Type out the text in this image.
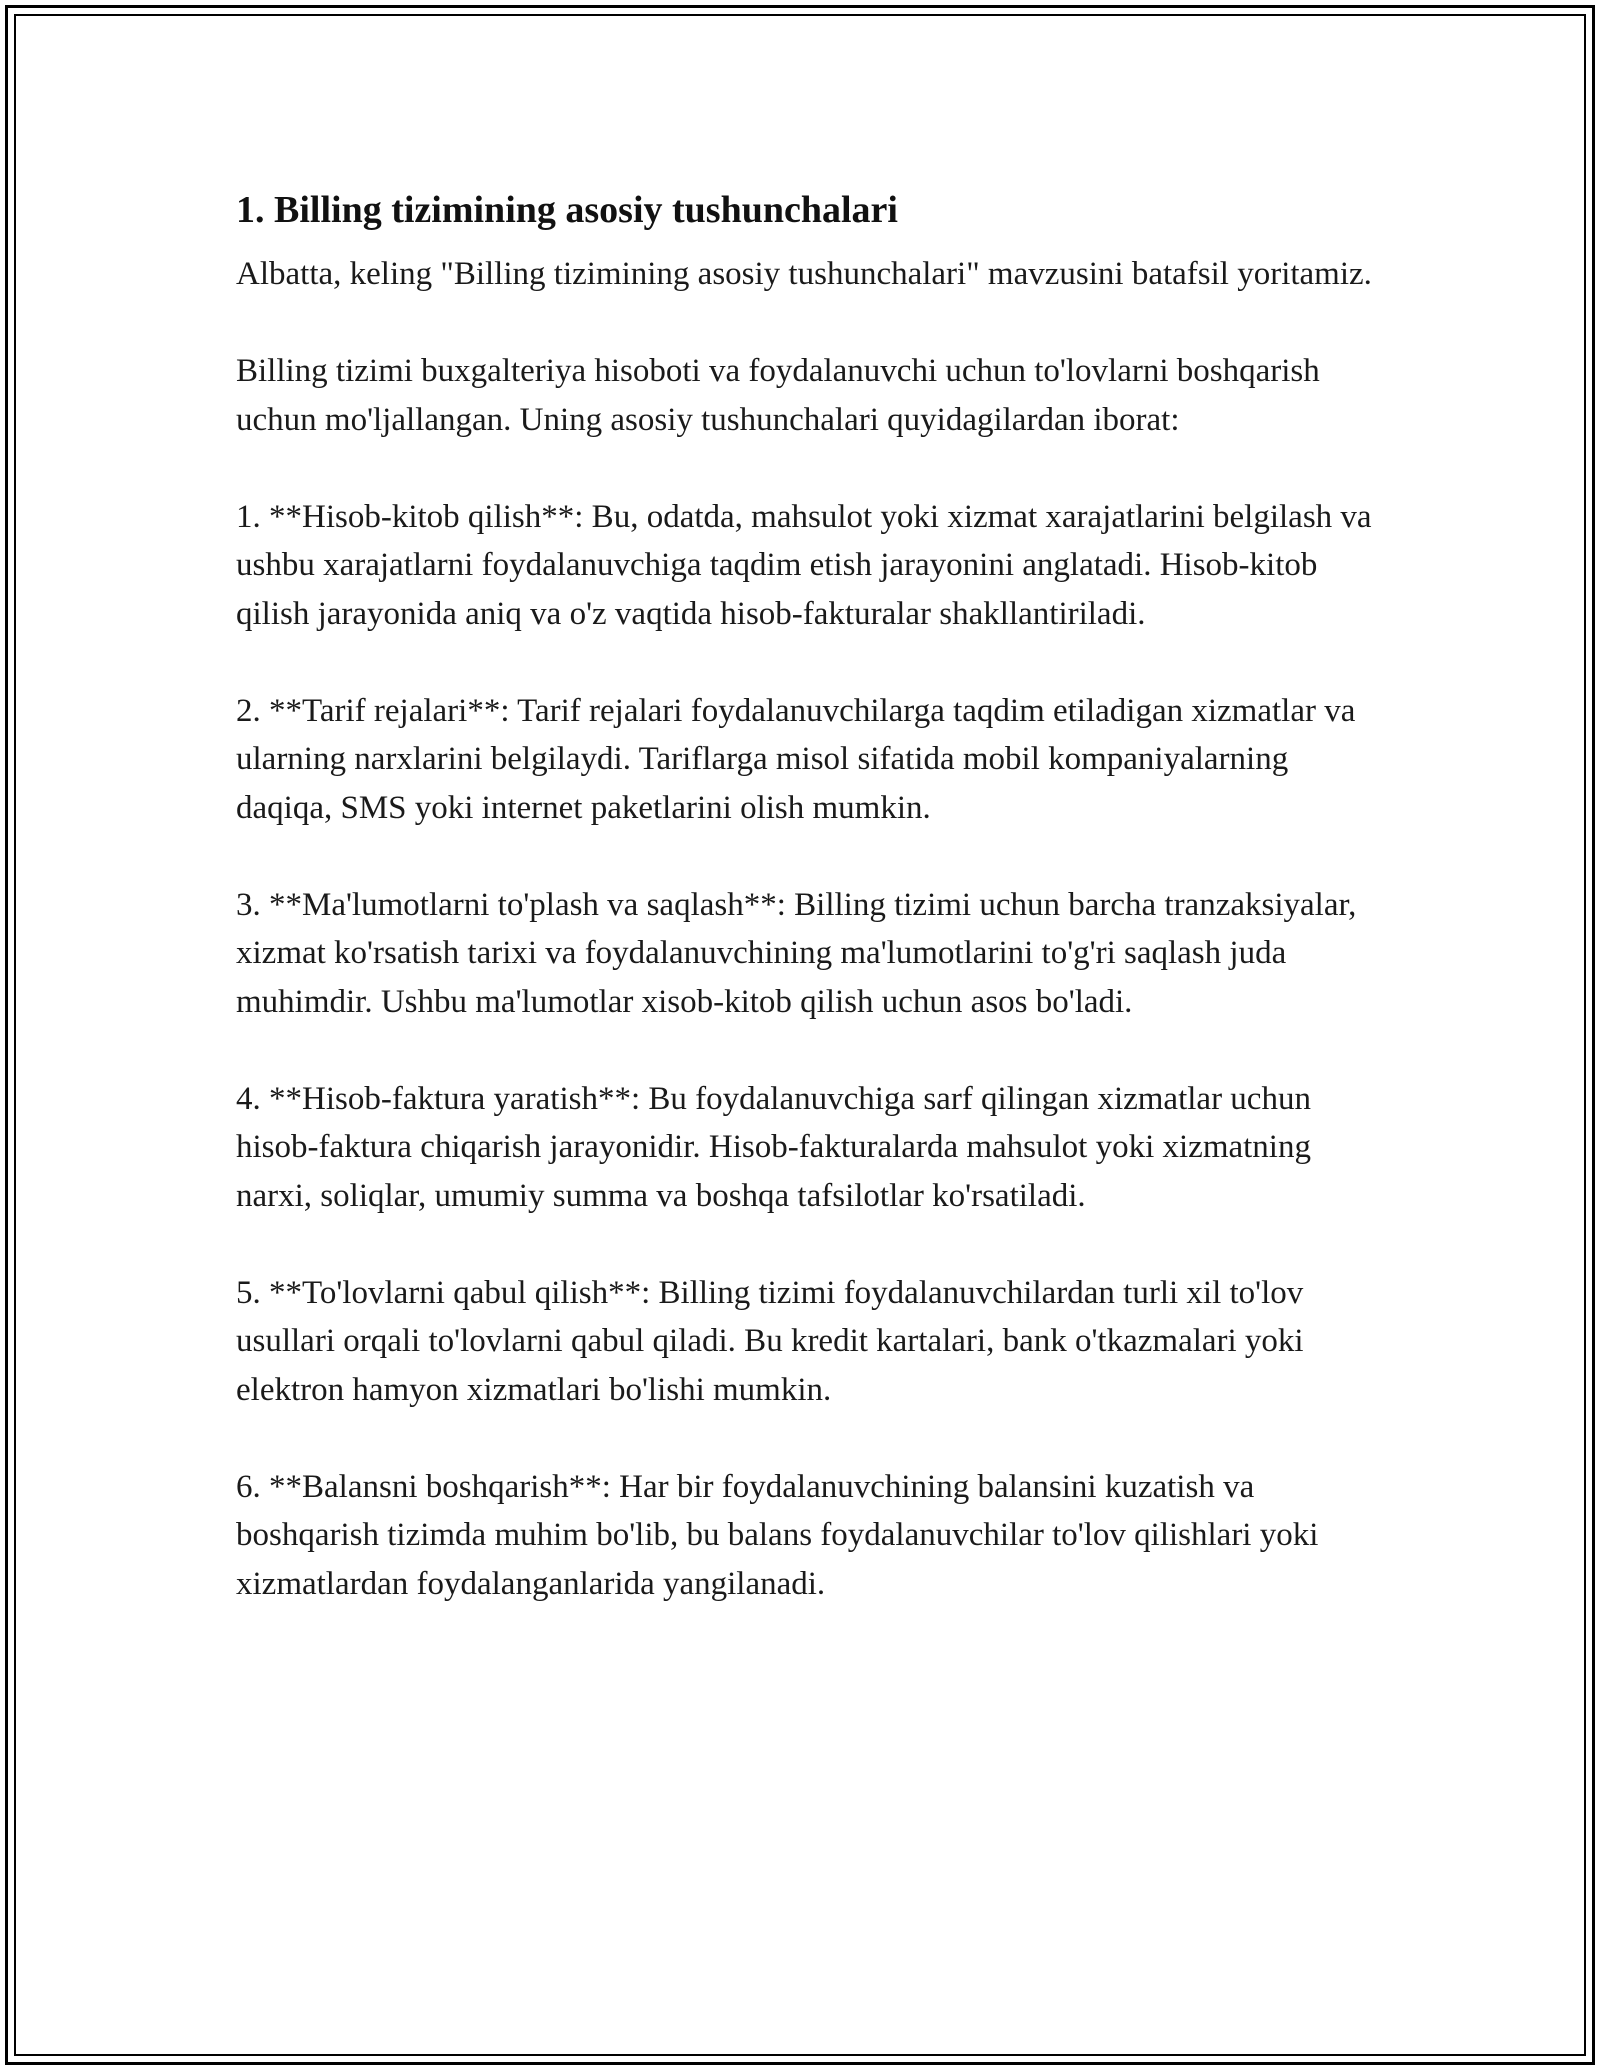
1. Billing tizimining asosiy tushunchalari

Albatta, keling "Billing tizimining asosiy tushunchalari" mavzusini batafsil yoritamiz.

Billing tizimi buxgalteriya hisoboti va foydalanuvchi uchun to'lovlarni boshqarish uchun mo'ljallangan. Uning asosiy tushunchalari quyidagilardan iborat:

1. **Hisob-kitob qilish**: Bu, odatda, mahsulot yoki xizmat xarajatlarini belgilash va ushbu xarajatlarni foydalanuvchiga taqdim etish jarayonini anglatadi. Hisob-kitob qilish jarayonida aniq va o'z vaqtida hisob-fakturalar shakllantiriladi.

2. **Tarif rejalari**: Tarif rejalari foydalanuvchilarga taqdim etiladigan xizmatlar va ularning narxlarini belgilaydi. Tariflarga misol sifatida mobil kompaniyalarning daqiqa, SMS yoki internet paketlarini olish mumkin.

3. **Ma'lumotlarni to'plash va saqlash**: Billing tizimi uchun barcha tranzaksiyalar, xizmat ko'rsatish tarixi va foydalanuvchining ma'lumotlarini to'g'ri saqlash juda muhimdir. Ushbu ma'lumotlar xisob-kitob qilish uchun asos bo'ladi.

4. **Hisob-faktura yaratish**: Bu foydalanuvchiga sarf qilingan xizmatlar uchun hisob-faktura chiqarish jarayonidir. Hisob-fakturalarda mahsulot yoki xizmatning narxi, soliqlar, umumiy summa va boshqa tafsilotlar ko'rsatiladi.

5. **To'lovlarni qabul qilish**: Billing tizimi foydalanuvchilardan turli xil to'lov usullari orqali to'lovlarni qabul qiladi. Bu kredit kartalari, bank o'tkazmalari yoki elektron hamyon xizmatlari bo'lishi mumkin.

6. **Balansni boshqarish**: Har bir foydalanuvchining balansini kuzatish va boshqarish tizimda muhim bo'lib, bu balans foydalanuvchilar to'lov qilishlari yoki xizmatlardan foydalanganlarida yangilanadi.
